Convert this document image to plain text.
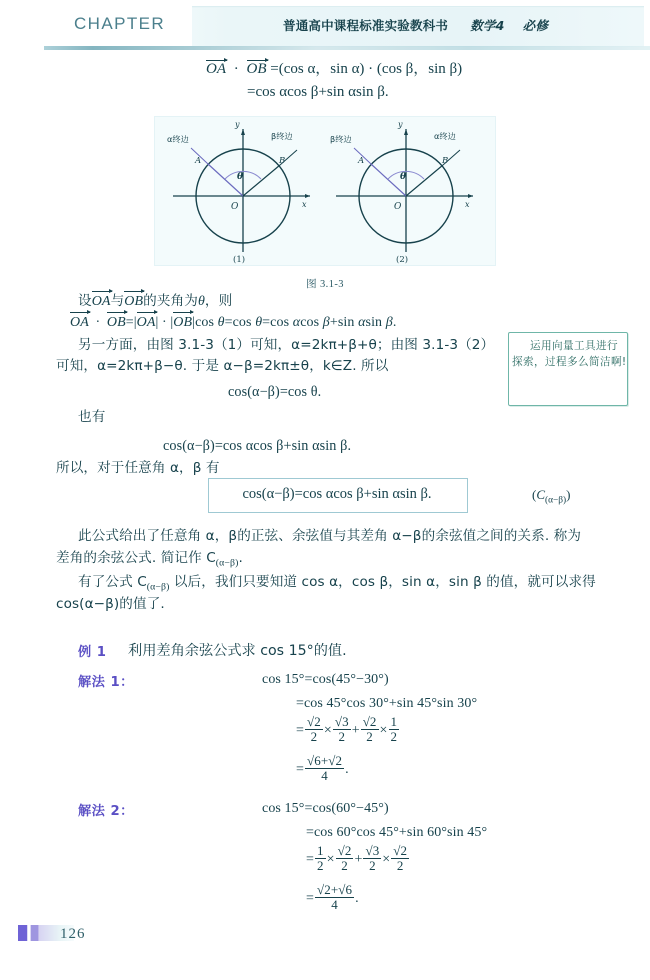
CHAPTER	普通高中课程标准实验教科书 数学4 必修
OA · OB =(cos α，sin α) · (cos β，sin β)
=cos αcos β+sin αsin β.
y
x
O
θ
A	B
α终边	β终边
(1)
y
x
O
θ
A	B
β终边	α终边
(2)
图 3.1-3
设OA与OB的夹角为θ，则
OA · OB=|OA| · |OB|cos θ=cos θ=cos αcos β+sin αsin β.
另一方面，由图 3.1-3（1）可知，α=2kπ+β+θ；由图 3.1-3（2）
可知，α=2kπ+β−θ. 于是 α−β=2kπ±θ，k∈Z. 所以
cos(α−β)=cos θ.
也有
cos(α−β)=cos αcos β+sin αsin β.
所以，对于任意角 α，β 有
运用向量工具进行探索，过程多么简洁啊!
cos(α−β)=cos αcos β+sin αsin β.	$(C_{(\alpha-\beta)})$
此公式给出了任意角 α，β的正弦、余弦值与其差角 α−β的余弦值之间的关系. 称为
差角的余弦公式. 简记作 $C_{(\alpha-\beta)}$.
有了公式 $C_{(\alpha-\beta)}$ 以后，我们只要知道 cos α，cos β，sin α，sin β 的值，就可以求得
cos(α−β)的值了.
例 1 利用差角余弦公式求 cos 15°的值.
解法 1：	cos 15°=cos(45°−30°)
=cos 45°cos 30°+sin 45°sin 30°
= $\frac{√2}{2} \times \frac{√3}{2} + \frac{√2}{2} \times \frac{1}{2}$
= $\frac{√6+√2}{4}$ .
解法 2：	cos 15°=cos(60°−45°)
=cos 60°cos 45°+sin 60°sin 45°
= $\frac{1}{2} \times \frac{√2}{2} + \frac{√3}{2} \times \frac{√2}{2}$
= $\frac{√2+√6}{4}$ .
126
